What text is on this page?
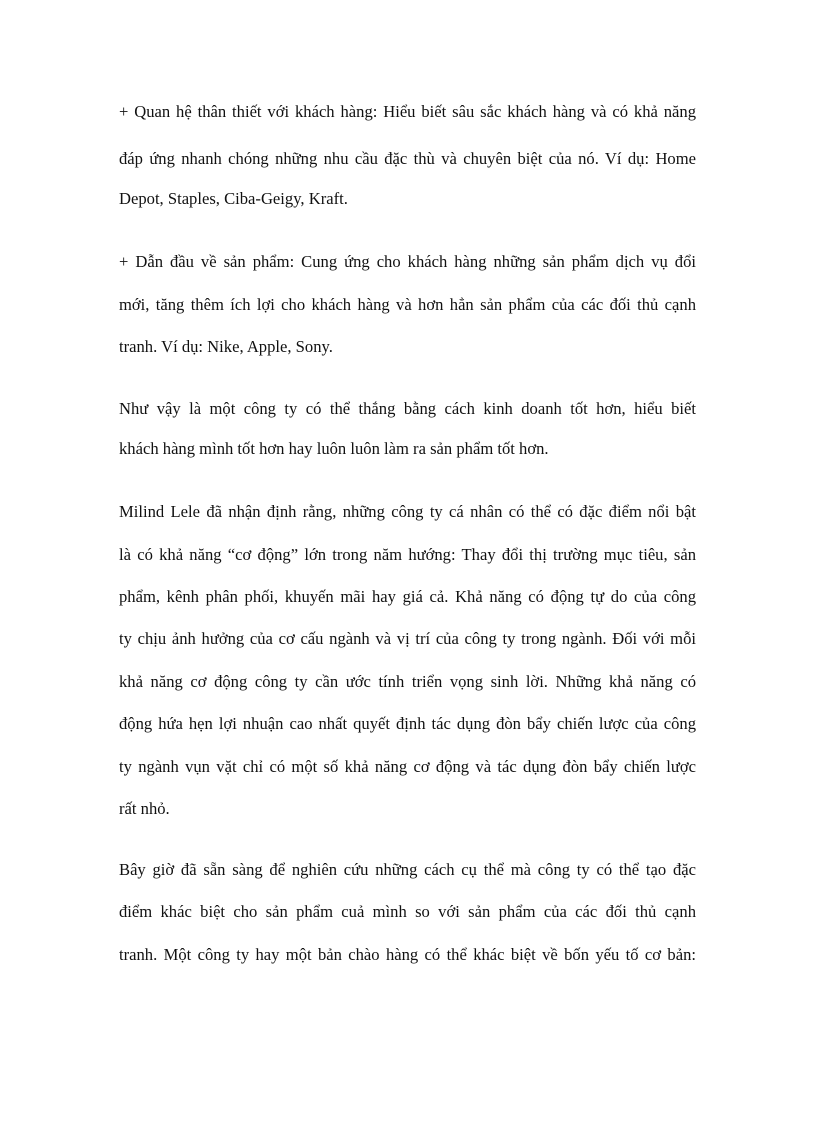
+ Quan hệ thân thiết với khách hàng: Hiểu biết sâu sắc khách hàng và có khả năng

đáp ứng nhanh chóng những nhu cầu đặc thù và chuyên biệt của nó. Ví dụ: Home

Depot, Staples, Ciba-Geigy, Kraft.

+ Dẫn đầu về sản phẩm: Cung ứng cho khách hàng những sản phẩm dịch vụ đổi

mới, tăng thêm ích lợi cho khách hàng và hơn hẳn sản phẩm của các đối thủ cạnh

tranh. Ví dụ: Nike, Apple, Sony.

Như vậy là một công ty có thể thắng bằng cách kinh doanh tốt hơn, hiểu biết

khách hàng mình tốt hơn hay luôn luôn làm ra sản phẩm tốt hơn.

Milind Lele đã nhận định rằng, những công ty cá nhân có thể có đặc điểm nổi bật

là có khả năng “cơ động” lớn trong năm hướng: Thay đổi thị trường mục tiêu, sản

phẩm, kênh phân phối, khuyến mãi hay giá cả. Khả năng có động tự do của công

ty chịu ảnh hưởng của cơ cấu ngành và vị trí của công ty trong ngành. Đối với mỗi

khả năng cơ động công ty cần ước tính triển vọng sinh lời. Những khả năng có

động hứa hẹn lợi nhuận cao nhất quyết định tác dụng đòn bẩy chiến lược của công

ty ngành vụn vặt chỉ có một số khả năng cơ động và tác dụng đòn bẩy chiến lược

rất nhỏ.

Bây giờ đã sẵn sàng để nghiên cứu những cách cụ thể mà công ty có thể tạo đặc

điểm khác biệt cho sản phẩm cuả mình so với sản phẩm của các đối thủ cạnh

tranh. Một công ty hay một bản chào hàng có thể khác biệt về bốn yếu tố cơ bản:
